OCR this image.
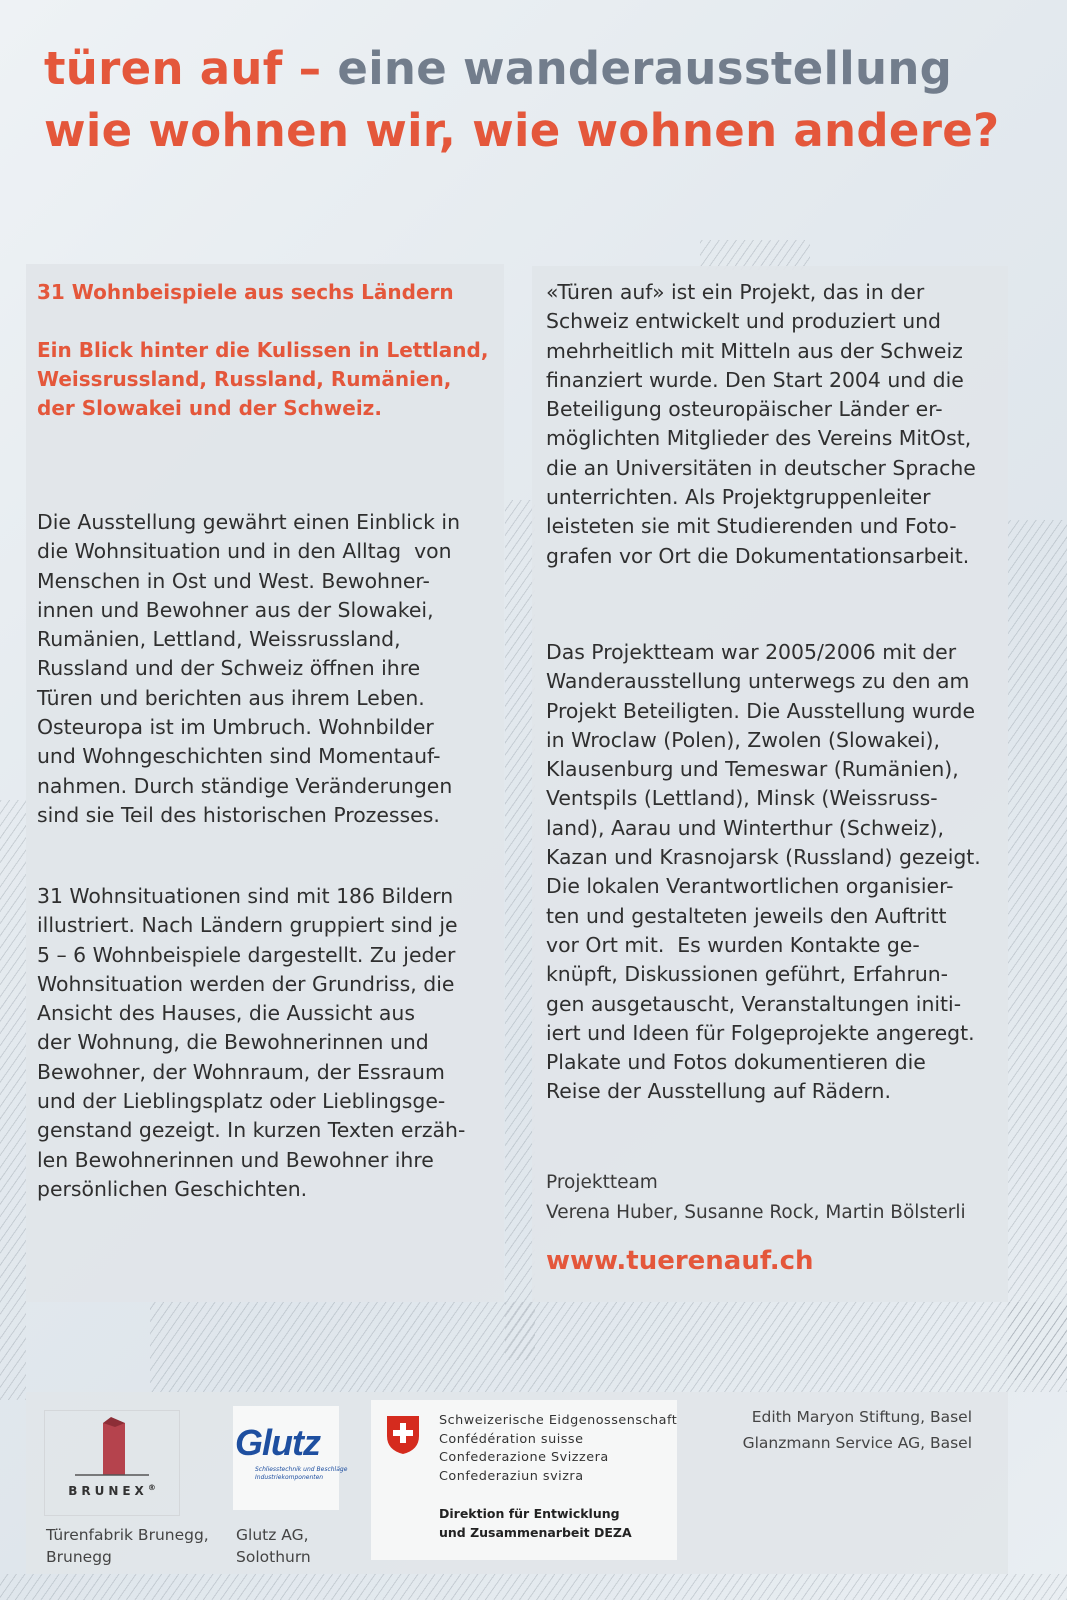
türen auf – eine wanderausstellung
wie wohnen wir, wie wohnen andere?
31 Wohnbeispiele aus sechs Ländern
Ein Blick hinter die Kulissen in Lettland,
Weissrussland, Russland, Rumänien,
der Slowakei und der Schweiz.
Die Ausstellung gewährt einen Einblick in
die Wohnsituation und in den Alltag  von
Menschen in Ost und West. Bewohner-
innen und Bewohner aus der Slowakei,
Rumänien, Lettland, Weissrussland,
Russland und der Schweiz öffnen ihre
Türen und berichten aus ihrem Leben.
Osteuropa ist im Umbruch. Wohnbilder
und Wohngeschichten sind Momentauf-
nahmen. Durch ständige Veränderungen
sind sie Teil des historischen Prozesses.
31 Wohnsituationen sind mit 186 Bildern
illustriert. Nach Ländern gruppiert sind je
5 – 6 Wohnbeispiele dargestellt. Zu jeder
Wohnsituation werden der Grundriss, die
Ansicht des Hauses, die Aussicht aus
der Wohnung, die Bewohnerinnen und
Bewohner, der Wohnraum, der Essraum
und der Lieblingsplatz oder Lieblingsge-
genstand gezeigt. In kurzen Texten erzäh-
len Bewohnerinnen und Bewohner ihre
persönlichen Geschichten.
«Türen auf» ist ein Projekt, das in der
Schweiz entwickelt und produziert und
mehrheitlich mit Mitteln aus der Schweiz
finanziert wurde. Den Start 2004 und die
Beteiligung osteuropäischer Länder er-
möglichten Mitglieder des Vereins MitOst,
die an Universitäten in deutscher Sprache
unterrichten. Als Projektgruppenleiter
leisteten sie mit Studierenden und Foto-
grafen vor Ort die Dokumentationsarbeit.
Das Projektteam war 2005/2006 mit der
Wanderausstellung unterwegs zu den am
Projekt Beteiligten. Die Ausstellung wurde
in Wroclaw (Polen), Zwolen (Slowakei),
Klausenburg und Temeswar (Rumänien),
Ventspils (Lettland), Minsk (Weissruss-
land), Aarau und Winterthur (Schweiz),
Kazan und Krasnojarsk (Russland) gezeigt.
Die lokalen Verantwortlichen organisier-
ten und gestalteten jeweils den Auftritt
vor Ort mit.  Es wurden Kontakte ge-
knüpft, Diskussionen geführt, Erfahrun-
gen ausgetauscht, Veranstaltungen initi-
iert und Ideen für Folgeprojekte angeregt.
Plakate und Fotos dokumentieren die
Reise der Ausstellung auf Rädern.
Projektteam
Verena Huber, Susanne Rock, Martin Bölsterli
www.tuerenauf.ch
BRUNEX®
Türenfabrik Brunegg,
Brunegg
Glutz
Schliesstechnik und Beschläge
Industriekomponenten
Glutz AG,
Solothurn
Schweizerische Eidgenossenschaft
Confédération suisse
Confederazione Svizzera
Confederaziun svizra
Direktion für Entwicklung
und Zusammenarbeit DEZA
Edith Maryon Stiftung, Basel
Glanzmann Service AG, Basel
